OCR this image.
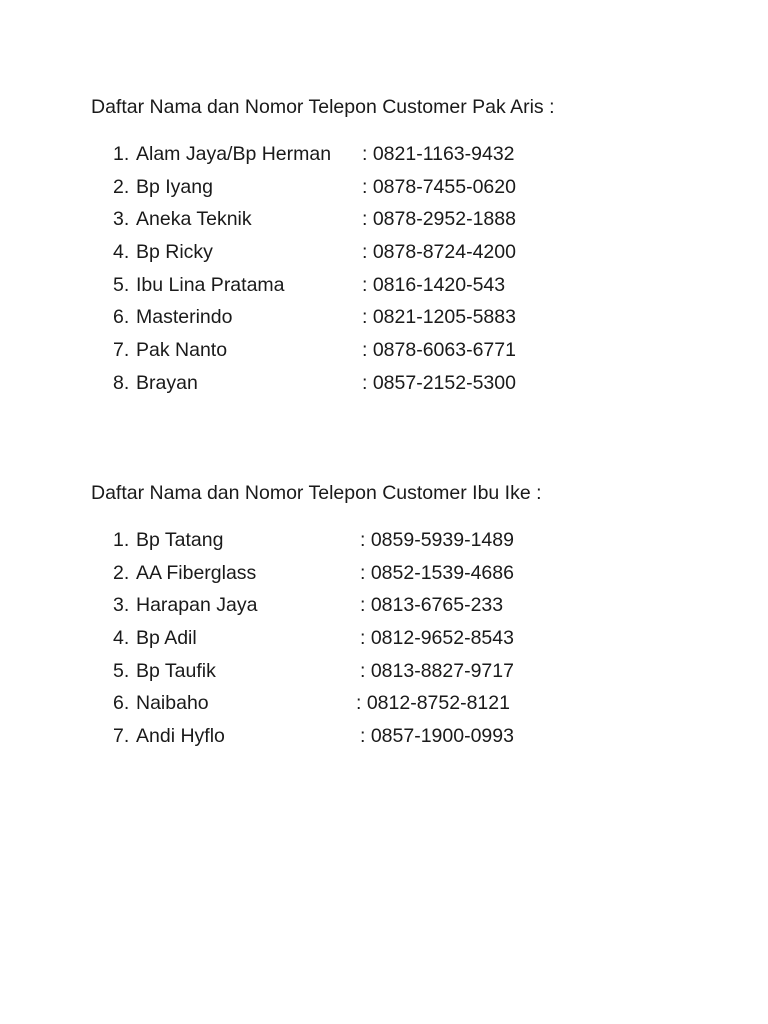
Daftar Nama dan Nomor Telepon Customer Pak Aris :
1. Alam Jaya/Bp Herman	: 0821-1163-9432
2. Bp Iyang	: 0878-7455-0620
3. Aneka Teknik	: 0878-2952-1888
4. Bp Ricky	: 0878-8724-4200
5. Ibu Lina Pratama	: 0816-1420-543
6. Masterindo	: 0821-1205-5883
7. Pak Nanto	: 0878-6063-6771
8. Brayan	: 0857-2152-5300
Daftar Nama dan Nomor Telepon Customer Ibu Ike :
1. Bp Tatang	: 0859-5939-1489
2. AA Fiberglass	: 0852-1539-4686
3. Harapan Jaya	: 0813-6765-233
4. Bp Adil	: 0812-9652-8543
5. Bp Taufik	: 0813-8827-9717
6. Naibaho	: 0812-8752-8121
7. Andi Hyflo	: 0857-1900-0993
